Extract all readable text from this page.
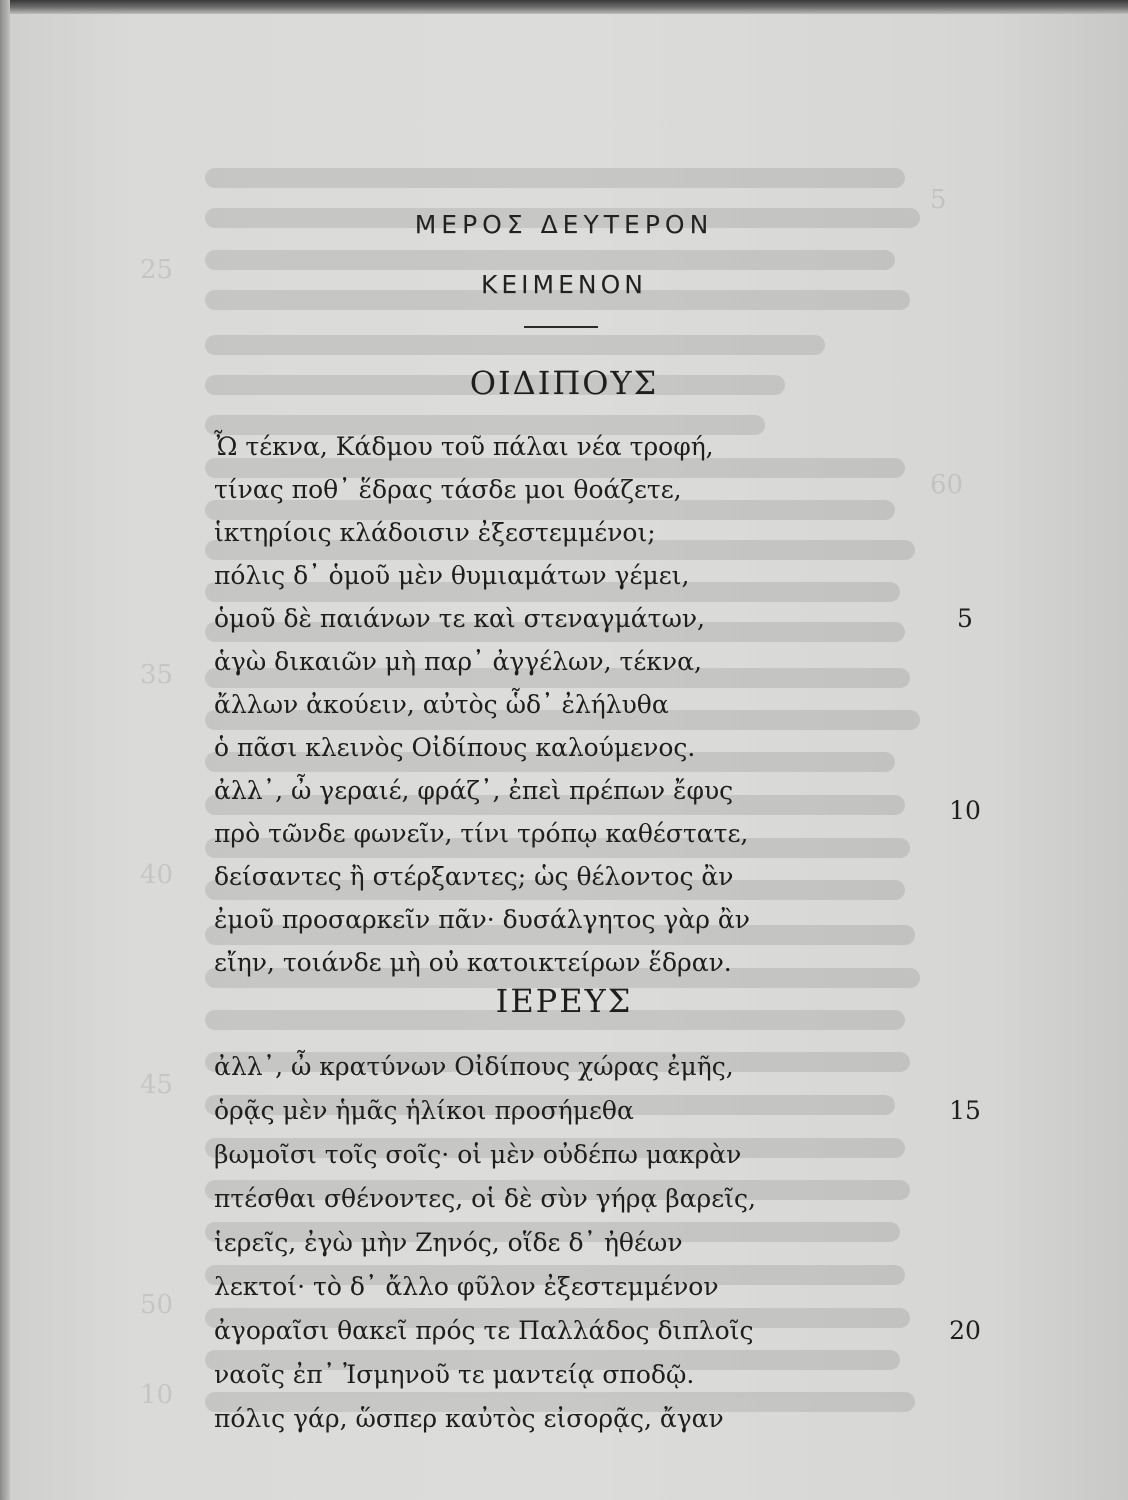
5
25
60
35
40
45
50
10
ΜΕΡΟΣ ΔΕΥΤΕΡΟΝ
ΚΕΙΜΕΝΟΝ
ΟΙΔΙΠΟΥΣ
Ὦ τέκνα, Κάδμου τοῦ πάλαι νέα τροφή,
τίνας ποθ᾽ ἕδρας τάσδε μοι θοάζετε,
ἱκτηρίοις κλάδοισιν ἐξεστεμμένοι;
πόλις δ᾽ ὁμοῦ μὲν θυμιαμάτων γέμει,
ὁμοῦ δὲ παιάνων τε καὶ στεναγμάτων,
ἁγὼ δικαιῶν μὴ παρ᾽ ἀγγέλων, τέκνα,
ἄλλων ἀκούειν, αὐτὸς ὧδ᾽ ἐλήλυθα
ὁ πᾶσι κλεινὸς Οἰδίπους καλούμενος.
ἀλλ᾽, ὦ γεραιέ, φράζ᾽, ἐπεὶ πρέπων ἔφυς
πρὸ τῶνδε φωνεῖν, τίνι τρόπῳ καθέστατε,
δείσαντες ἢ στέρξαντες; ὡς θέλοντος ἂν
ἐμοῦ προσαρκεῖν πᾶν· δυσάλγητος γὰρ ἂν
εἴην, τοιάνδε μὴ οὐ κατοικτείρων ἕδραν.
ΙΕΡΕΥΣ
ἀλλ᾽, ὦ κρατύνων Οἰδίπους χώρας ἐμῆς,
ὁρᾷς μὲν ἡμᾶς ἡλίκοι προσήμεθα
βωμοῖσι τοῖς σοῖς· οἱ μὲν οὐδέπω μακρὰν
πτέσθαι σθένοντες, οἱ δὲ σὺν γήρᾳ βαρεῖς,
ἱερεῖς, ἐγὼ μὴν Ζηνός, οἵδε δ᾽ ἠθέων
λεκτοί· τὸ δ᾽ ἄλλο φῦλον ἐξεστεμμένον
ἀγοραῖσι θακεῖ πρός τε Παλλάδος διπλοῖς
ναοῖς ἐπ᾽ Ἰσμηνοῦ τε μαντείᾳ σποδῷ.
πόλις γάρ, ὥσπερ καὐτὸς εἰσορᾷς, ἄγαν
5
10
15
20
